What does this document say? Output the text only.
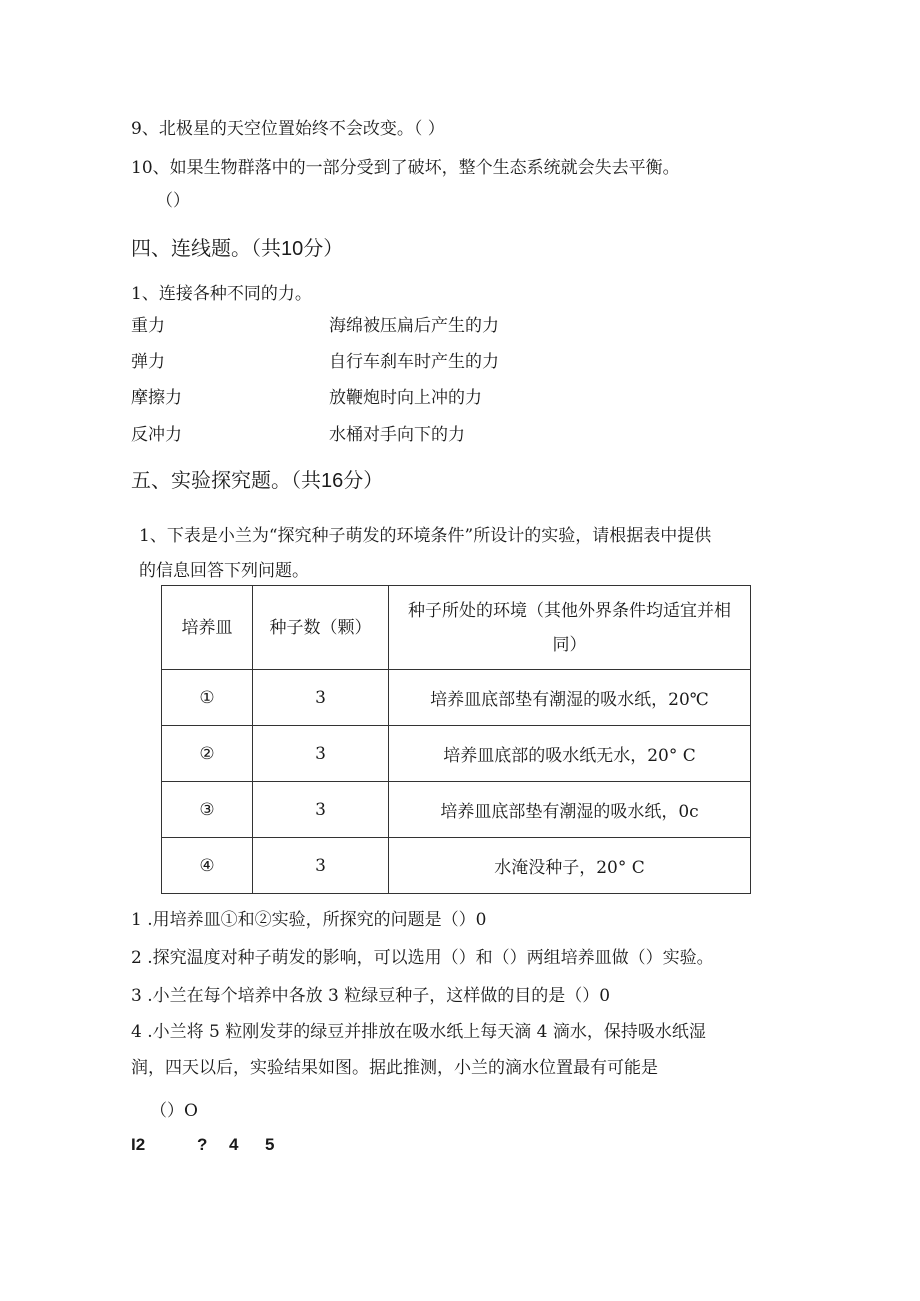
9、北极星的天空位置始终不会改变。（ ）
10、如果生物群落中的一部分受到了破坏，整个生态系统就会失去平衡。
（）
四、连线题。（共10分）
1、连接各种不同的力。
重力	海绵被压扁后产生的力
弹力	自行车刹车时产生的力
摩擦力	放鞭炮时向上冲的力
反冲力	水桶对手向下的力
五、实验探究题。（共16分）
1、下表是小兰为“探究种子萌发的环境条件”所设计的实验，请根据表中提供
的信息回答下列问题。
培养皿	种子数（颗）	种子所处的环境（其他外界条件均适宜并相同）
①	3	培养皿底部垫有潮湿的吸水纸，20℃
②	3	培养皿底部的吸水纸无水，20° C
③	3	培养皿底部垫有潮湿的吸水纸，0c
④	3	水淹没种子，20° C
1 .用培养皿①和②实验，所探究的问题是（）0
2 .探究温度对种子萌发的影响，可以选用（）和（）两组培养皿做（）实验。
3 .小兰在每个培养中各放 3 粒绿豆种子，这样做的目的是（）0
4 .小兰将 5 粒刚发芽的绿豆并排放在吸水纸上每天滴 4 滴水，保持吸水纸湿
润，四天以后，实验结果如图。据此推测，小兰的滴水位置最有可能是
（）O
I2	? 4 5
